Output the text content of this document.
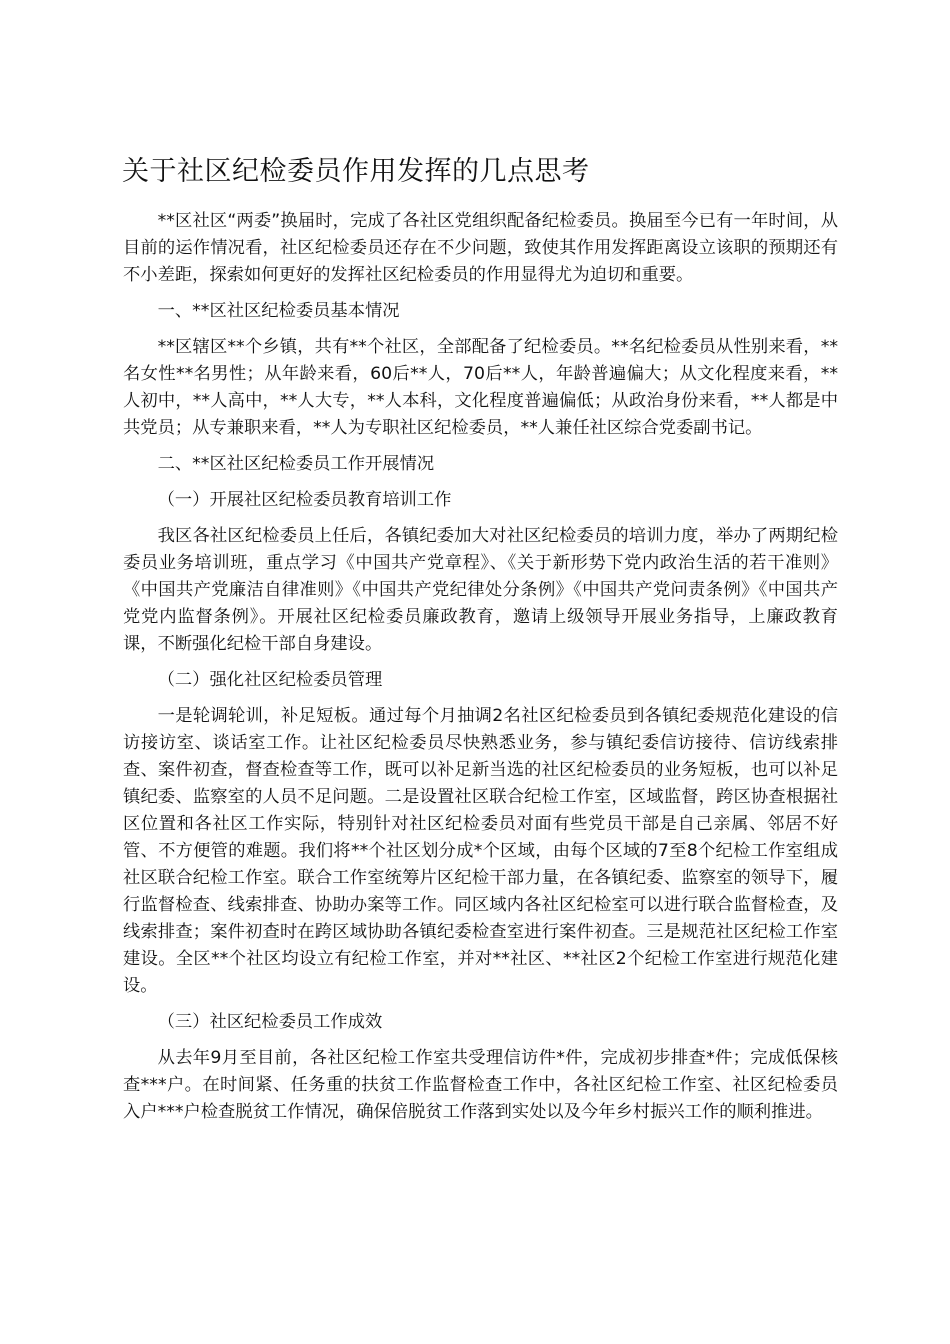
关于社区纪检委员作用发挥的几点思考

**区社区“两委”换届时，完成了各社区党组织配备纪检委员。换届至今已有一年时间，从目前的运作情况看，社区纪检委员还存在不少问题，致使其作用发挥距离设立该职的预期还有不小差距，探索如何更好的发挥社区纪检委员的作用显得尤为迫切和重要。

一、**区社区纪检委员基本情况

**区辖区**个乡镇，共有**个社区，全部配备了纪检委员。**名纪检委员从性别来看，**名女性**名男性；从年龄来看，60后**人，70后**人，年龄普遍偏大；从文化程度来看，**人初中，**人高中，**人大专，**人本科，文化程度普遍偏低；从政治身份来看，**人都是中共党员；从专兼职来看，**人为专职社区纪检委员，**人兼任社区综合党委副书记。

二、**区社区纪检委员工作开展情况

（一）开展社区纪检委员教育培训工作

我区各社区纪检委员上任后，各镇纪委加大对社区纪检委员的培训力度，举办了两期纪检委员业务培训班，重点学习《中国共产党章程》、《关于新形势下党内政治生活的若干准则》《中国共产党廉洁自律准则》《中国共产党纪律处分条例》《中国共产党问责条例》《中国共产党党内监督条例》。开展社区纪检委员廉政教育，邀请上级领导开展业务指导，上廉政教育课，不断强化纪检干部自身建设。

（二）强化社区纪检委员管理

一是轮调轮训，补足短板。通过每个月抽调2名社区纪检委员到各镇纪委规范化建设的信访接访室、谈话室工作。让社区纪检委员尽快熟悉业务，参与镇纪委信访接待、信访线索排查、案件初查，督查检查等工作，既可以补足新当选的社区纪检委员的业务短板，也可以补足镇纪委、监察室的人员不足问题。二是设置社区联合纪检工作室，区域监督，跨区协查根据社区位置和各社区工作实际，特别针对社区纪检委员对面有些党员干部是自己亲属、邻居不好管、不方便管的难题。我们将**个社区划分成*个区域，由每个区域的7至8个纪检工作室组成社区联合纪检工作室。联合工作室统筹片区纪检干部力量，在各镇纪委、监察室的领导下，履行监督检查、线索排查、协助办案等工作。同区域内各社区纪检室可以进行联合监督检查，及线索排查；案件初查时在跨区域协助各镇纪委检查室进行案件初查。三是规范社区纪检工作室建设。全区**个社区均设立有纪检工作室，并对**社区、**社区2个纪检工作室进行规范化建设。

（三）社区纪检委员工作成效

从去年9月至目前，各社区纪检工作室共受理信访件*件，完成初步排查*件；完成低保核查***户。在时间紧、任务重的扶贫工作监督检查工作中，各社区纪检工作室、社区纪检委员入户***户检查脱贫工作情况，确保倍脱贫工作落到实处以及今年乡村振兴工作的顺利推进。
